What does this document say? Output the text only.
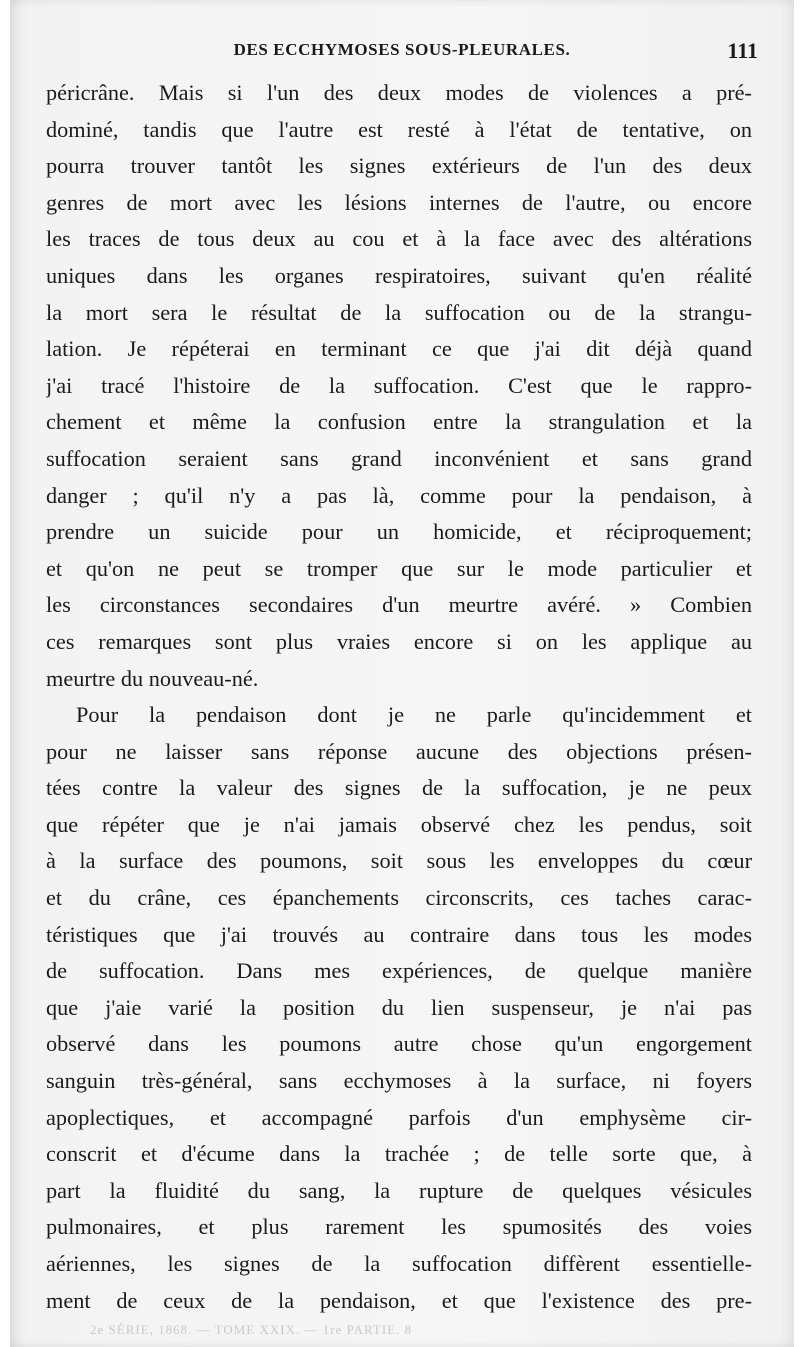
DES ECCHYMOSES SOUS-PLEURALES.	111
péricrâne. Mais si l'un des deux modes de violences a pré-
dominé, tandis que l'autre est resté à l'état de tentative, on
pourra trouver tantôt les signes extérieurs de l'un des deux
genres de mort avec les lésions internes de l'autre, ou encore
les traces de tous deux au cou et à la face avec des altérations
uniques dans les organes respiratoires, suivant qu'en réalité
la mort sera le résultat de la suffocation ou de la strangu-
lation. Je répéterai en terminant ce que j'ai dit déjà quand
j'ai tracé l'histoire de la suffocation. C'est que le rappro-
chement et même la confusion entre la strangulation et la
suffocation seraient sans grand inconvénient et sans grand
danger ; qu'il n'y a pas là, comme pour la pendaison, à
prendre un suicide pour un homicide, et réciproquement;
et qu'on ne peut se tromper que sur le mode particulier et
les circonstances secondaires d'un meurtre avéré. » Combien
ces remarques sont plus vraies encore si on les applique au
meurtre du nouveau-né.
Pour la pendaison dont je ne parle qu'incidemment et
pour ne laisser sans réponse aucune des objections présen-
tées contre la valeur des signes de la suffocation, je ne peux
que répéter que je n'ai jamais observé chez les pendus, soit
à la surface des poumons, soit sous les enveloppes du cœur
et du crâne, ces épanchements circonscrits, ces taches carac-
téristiques que j'ai trouvés au contraire dans tous les modes
de suffocation. Dans mes expériences, de quelque manière
que j'aie varié la position du lien suspenseur, je n'ai pas
observé dans les poumons autre chose qu'un engorgement
sanguin très-général, sans ecchymoses à la surface, ni foyers
apoplectiques, et accompagné parfois d'un emphysème cir-
conscrit et d'écume dans la trachée ; de telle sorte que, à
part la fluidité du sang, la rupture de quelques vésicules
pulmonaires, et plus rarement les spumosités des voies
aériennes, les signes de la suffocation diffèrent essentielle-
ment de ceux de la pendaison, et que l'existence des pre-
2e SÉRIE, 1868. — TOME XXIX. — 1re PARTIE. 8
